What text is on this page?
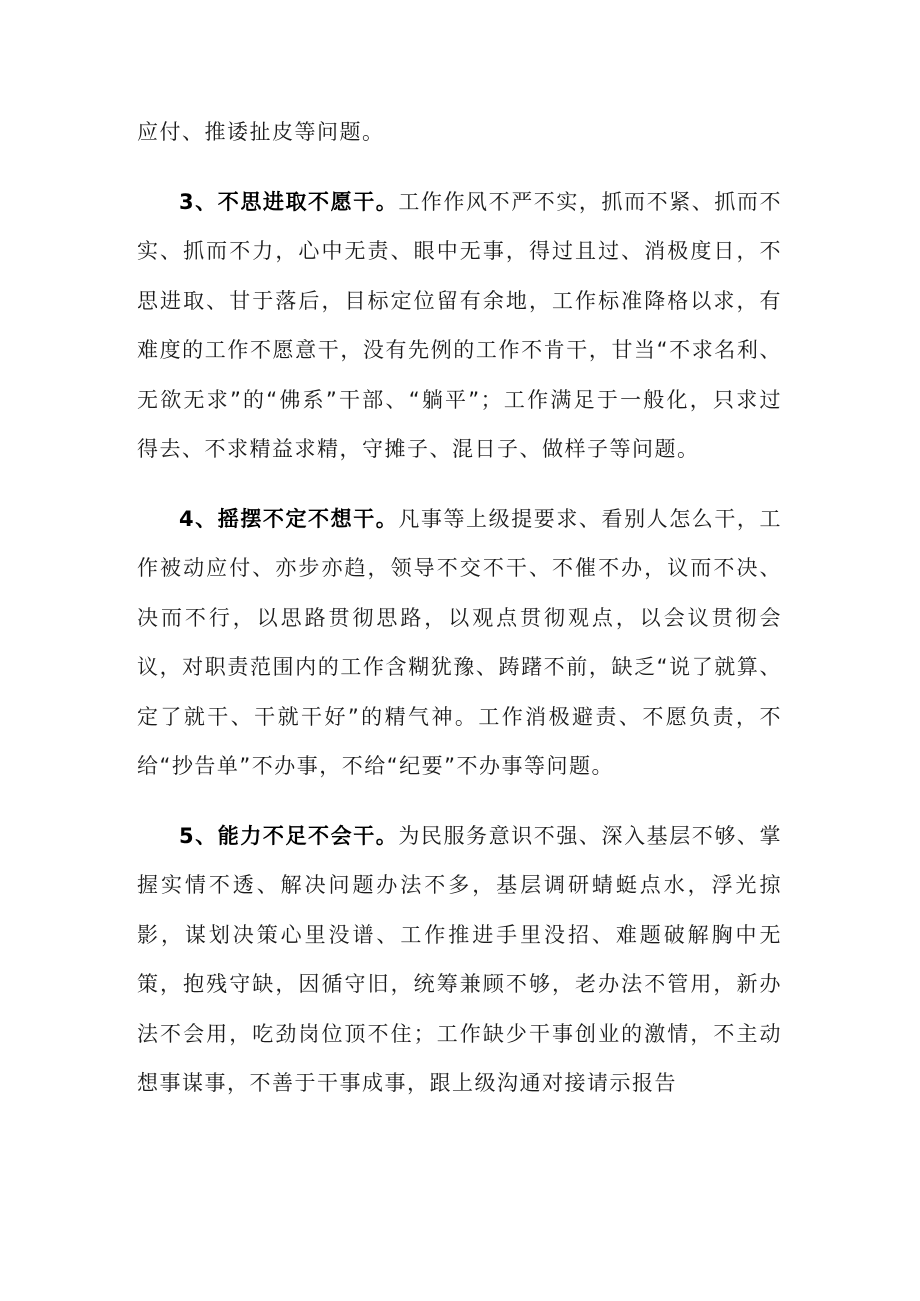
应付、推诿扯皮等问题。

3、不思进取不愿干。工作作风不严不实，抓而不紧、抓而不实、抓而不力，心中无责、眼中无事，得过且过、消极度日，不思进取、甘于落后，目标定位留有余地，工作标准降格以求，有难度的工作不愿意干，没有先例的工作不肯干，甘当“不求名利、无欲无求”的“佛系”干部、“躺平”；工作满足于一般化，只求过得去、不求精益求精，守摊子、混日子、做样子等问题。

4、摇摆不定不想干。凡事等上级提要求、看别人怎么干，工作被动应付、亦步亦趋，领导不交不干、不催不办，议而不决、决而不行，以思路贯彻思路，以观点贯彻观点，以会议贯彻会议，对职责范围内的工作含糊犹豫、踌躇不前，缺乏“说了就算、定了就干、干就干好”的精气神。工作消极避责、不愿负责，不给“抄告单”不办事，不给“纪要”不办事等问题。

5、能力不足不会干。为民服务意识不强、深入基层不够、掌握实情不透、解决问题办法不多，基层调研蜻蜓点水，浮光掠影，谋划决策心里没谱、工作推进手里没招、难题破解胸中无策，抱残守缺，因循守旧，统筹兼顾不够，老办法不管用，新办法不会用，吃劲岗位顶不住；工作缺少干事创业的激情，不主动想事谋事，不善于干事成事，跟上级沟通对接请示报告
